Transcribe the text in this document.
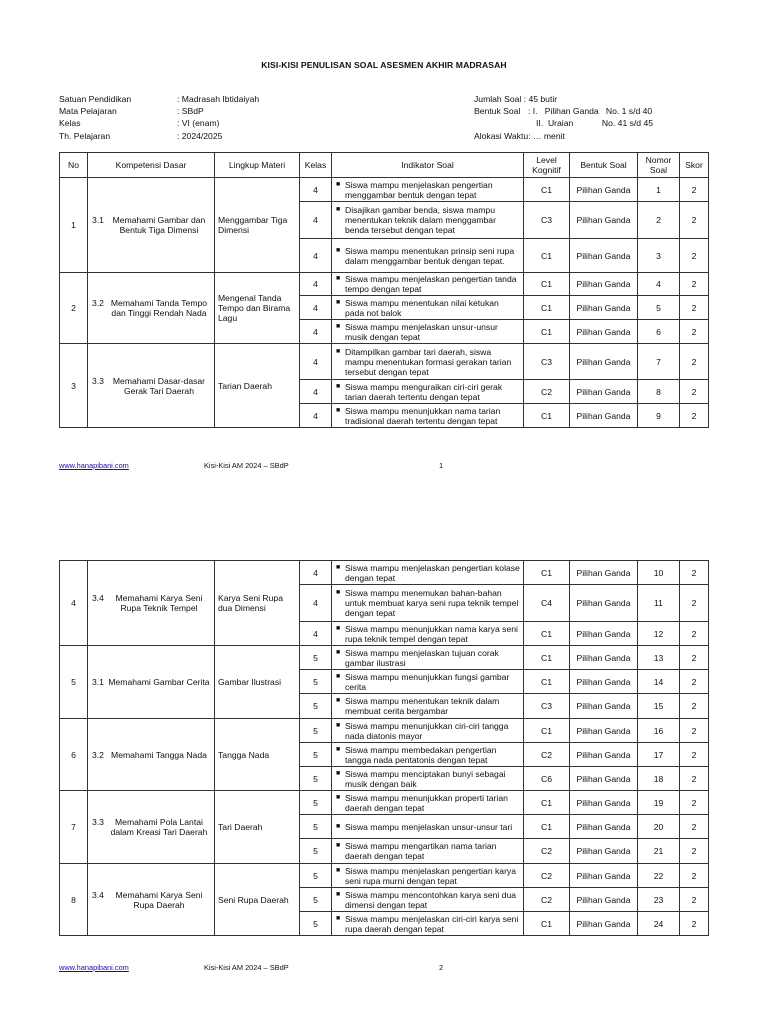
KISI-KISI PENULISAN SOAL ASESMEN AKHIR MADRASAH
Satuan Pendidikan	: Madrasah Ibtidaiyah
Mata Pelajaran	: SBdP
Kelas	: VI (enam)
Th. Pelajaran	: 2024/2025
Jumlah Soal : 45 butir
Bentuk Soal : I.   Pilihan Ganda   No. 1 s/d 40
II.  Uraian            No. 41 s/d 45
Alokasi Waktu: … menit
No	Kompetensi Dasar	Lingkup Materi	Kelas	Indikator Soal	Level Kognitif	Bentuk Soal	Nomor Soal	Skor
1	3.1 Memahami Gambar dan Bentuk Tiga Dimensi	Menggambar Tiga Dimensi	4	■ Siswa mampu menjelaskan pengertian menggambar bentuk dengan tepat	C1	Pilihan Ganda	1	2
			4	■ Disajikan gambar benda, siswa mampu menentukan teknik dalam menggambar benda tersebut dengan tepat	C3	Pilihan Ganda	2	2
			4	■ Siswa mampu menentukan prinsip seni rupa dalam menggambar bentuk dengan tepat.	C1	Pilihan Ganda	3	2
2	3.2 Memahami Tanda Tempo dan Tinggi Rendah Nada	Mengenal Tanda Tempo dan Birama Lagu	4	■ Siswa mampu menjelaskan pengertian tanda tempo dengan tepat	C1	Pilihan Ganda	4	2
			4	■ Siswa mampu menentukan nilai ketukan pada not balok	C1	Pilihan Ganda	5	2
			4	■ Siswa mampu menjelaskan unsur-unsur musik dengan tepat	C1	Pilihan Ganda	6	2
3	3.3 Memahami Dasar-dasar Gerak Tari Daerah	Tarian Daerah	4	■ Ditampilkan gambar tari daerah, siswa mampu menentukan formasi gerakan tarian tersebut dengan tepat	C3	Pilihan Ganda	7	2
			4	■ Siswa mampu menguraikan ciri-ciri gerak tarian daerah tertentu dengan tepat	C2	Pilihan Ganda	8	2
			4	■ Siswa mampu menunjukkan nama tarian tradisional daerah tertentu dengan tepat	C1	Pilihan Ganda	9	2
www.hanapibani.com	Kisi-Kisi AM 2024 – SBdP	1
4	3.4 Memahami Karya Seni Rupa Teknik Tempel	Karya Seni Rupa dua Dimensi	4	■ Siswa mampu menjelaskan pengertian kolase dengan tepat	C1	Pilihan Ganda	10	2
			4	■ Siswa mampu menemukan bahan-bahan untuk membuat karya seni rupa teknik tempel dengan tepat	C4	Pilihan Ganda	11	2
			4	■ Siswa mampu menunjukkan nama karya seni rupa teknik tempel dengan tepat	C1	Pilihan Ganda	12	2
5	3.1 Memahami Gambar Cerita	Gambar Ilustrasi	5	■ Siswa mampu menjelaskan tujuan corak gambar ilustrasi	C1	Pilihan Ganda	13	2
			5	■ Siswa mampu menunjukkan fungsi gambar cerita	C1	Pilihan Ganda	14	2
			5	■ Siswa mampu menentukan teknik dalam membuat cerita bergambar	C3	Pilihan Ganda	15	2
6	3.2 Memahami Tangga Nada	Tangga Nada	5	■ Siswa mampu menunjukkan ciri-ciri tangga nada diatonis mayor	C1	Pilihan Ganda	16	2
			5	■ Siswa mampu membedakan pengertian tangga nada pentatonis dengan tepat	C2	Pilihan Ganda	17	2
			5	■ Siswa mampu menciptakan bunyi sebagai musik dengan baik	C6	Pilihan Ganda	18	2
7	3.3 Memahami Pola Lantai dalam Kreasi Tari Daerah	Tari Daerah	5	■ Siswa mampu menunjukkan properti tarian daerah dengan tepat	C1	Pilihan Ganda	19	2
			5	■ Siswa mampu menjelaskan unsur-unsur tari	C1	Pilihan Ganda	20	2
			5	■ Siswa mampu mengartikan nama tarian daerah dengan tepat	C2	Pilihan Ganda	21	2
8	3.4 Memahami Karya Seni Rupa Daerah	Seni Rupa Daerah	5	■ Siswa mampu menjelaskan pengertian karya seni rupa murni dengan tepat	C2	Pilihan Ganda	22	2
			5	■ Siswa mampu mencontohkan karya seni dua dimensi dengan tepat	C2	Pilihan Ganda	23	2
			5	■ Siswa mampu menjelaskan ciri-ciri karya seni rupa daerah dengan tepat	C1	Pilihan Ganda	24	2
www.hanapibani.com	Kisi-Kisi AM 2024 – SBdP	2
